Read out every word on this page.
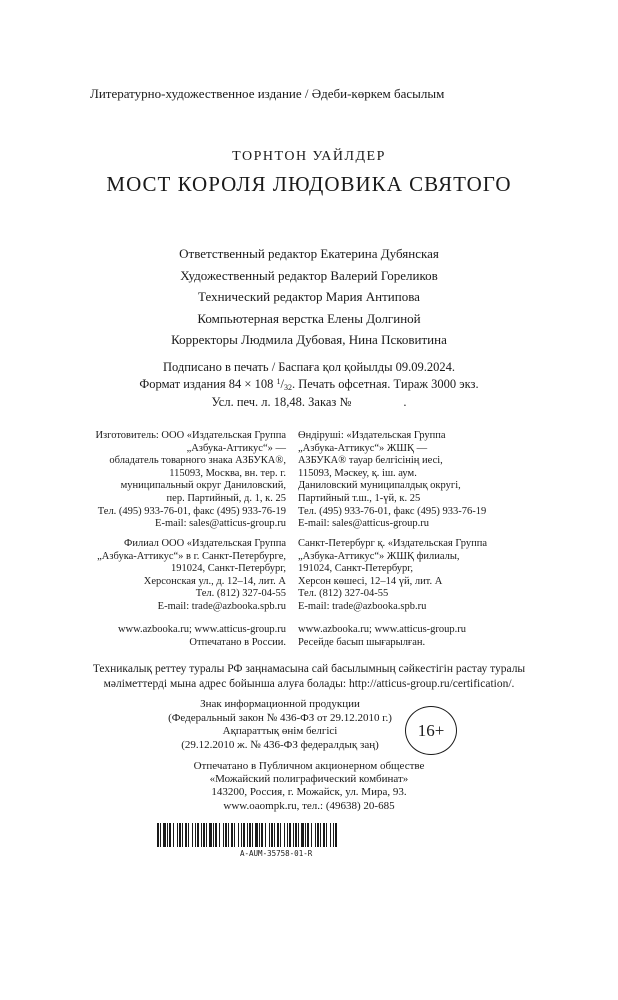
Литературно-художественное издание / Әдеби-көркем басылым
ТОРНТОН УАЙЛДЕР
МОСТ КОРОЛЯ ЛЮДОВИКА СВЯТОГО
Ответственный редактор Екатерина Дубянская
Художественный редактор Валерий Гореликов
Технический редактор Мария Антипова
Компьютерная верстка Елены Долгиной
Корректоры Людмила Дубовая, Нина Псковитина
Подписано в печать / Баспаға қол қойылды 09.09.2024.
Формат издания 84 × 108 $^1$/32. Печать офсетная. Тираж 3000 экз.
Усл. печ. л. 18,48. Заказ №	.
Изготовитель: ООО «Издательская Группа
„Азбука-Аттикус“» —
обладатель товарного знака АЗБУКА®,
115093, Москва, вн. тер. г.
муниципальный округ Даниловский,
пер. Партийный, д. 1, к. 25
Тел. (495) 933-76-01, факс (495) 933-76-19
E-mail: sales@atticus-group.ru
Өндіруші: «Издательская Группа
„Азбука-Аттикус“» ЖШҚ —
АЗБУКА® тауар белгісінің иесі,
115093, Мәскеу, қ. іш. аум.
Даниловский муниципалдық округі,
Партийный т.ш., 1-үй, к. 25
Тел. (495) 933-76-01, факс (495) 933-76-19
E-mail: sales@atticus-group.ru
Филиал ООО «Издательская Группа
„Азбука-Аттикус“» в г. Санкт-Петербурге,
191024, Санкт-Петербург,
Херсонская ул., д. 12–14, лит. А
Тел. (812) 327-04-55
E-mail: trade@azbooka.spb.ru
Санкт-Петербург қ. «Издательская Группа
„Азбука-Аттикус“» ЖШҚ филиалы,
191024, Санкт-Петербург,
Херсон көшесі, 12–14 үй, лит. А
Тел. (812) 327-04-55
E-mail: trade@azbooka.spb.ru
www.azbooka.ru; www.atticus-group.ru
Отпечатано в России.
www.azbooka.ru; www.atticus-group.ru
Ресейде басып шығарылған.
Техникалық реттеу туралы РФ заңнамасына сай басылымның сәйкестігін растау туралы
мәліметтерді мына адрес бойынша алуға болады: http://atticus-group.ru/certification/.
Знак информационной продукции
(Федеральный закон № 436-ФЗ от 29.12.2010 г.)
Ақпараттық өнім белгісі
(29.12.2010 ж. № 436-ФЗ федералдық заң)
16+
Отпечатано в Публичном акционерном обществе
«Можайский полиграфический комбинат»
143200, Россия, г. Можайск, ул. Мира, 93.
www.oaompk.ru, тел.: (49638) 20-685
А-AUM-35758-01-R
